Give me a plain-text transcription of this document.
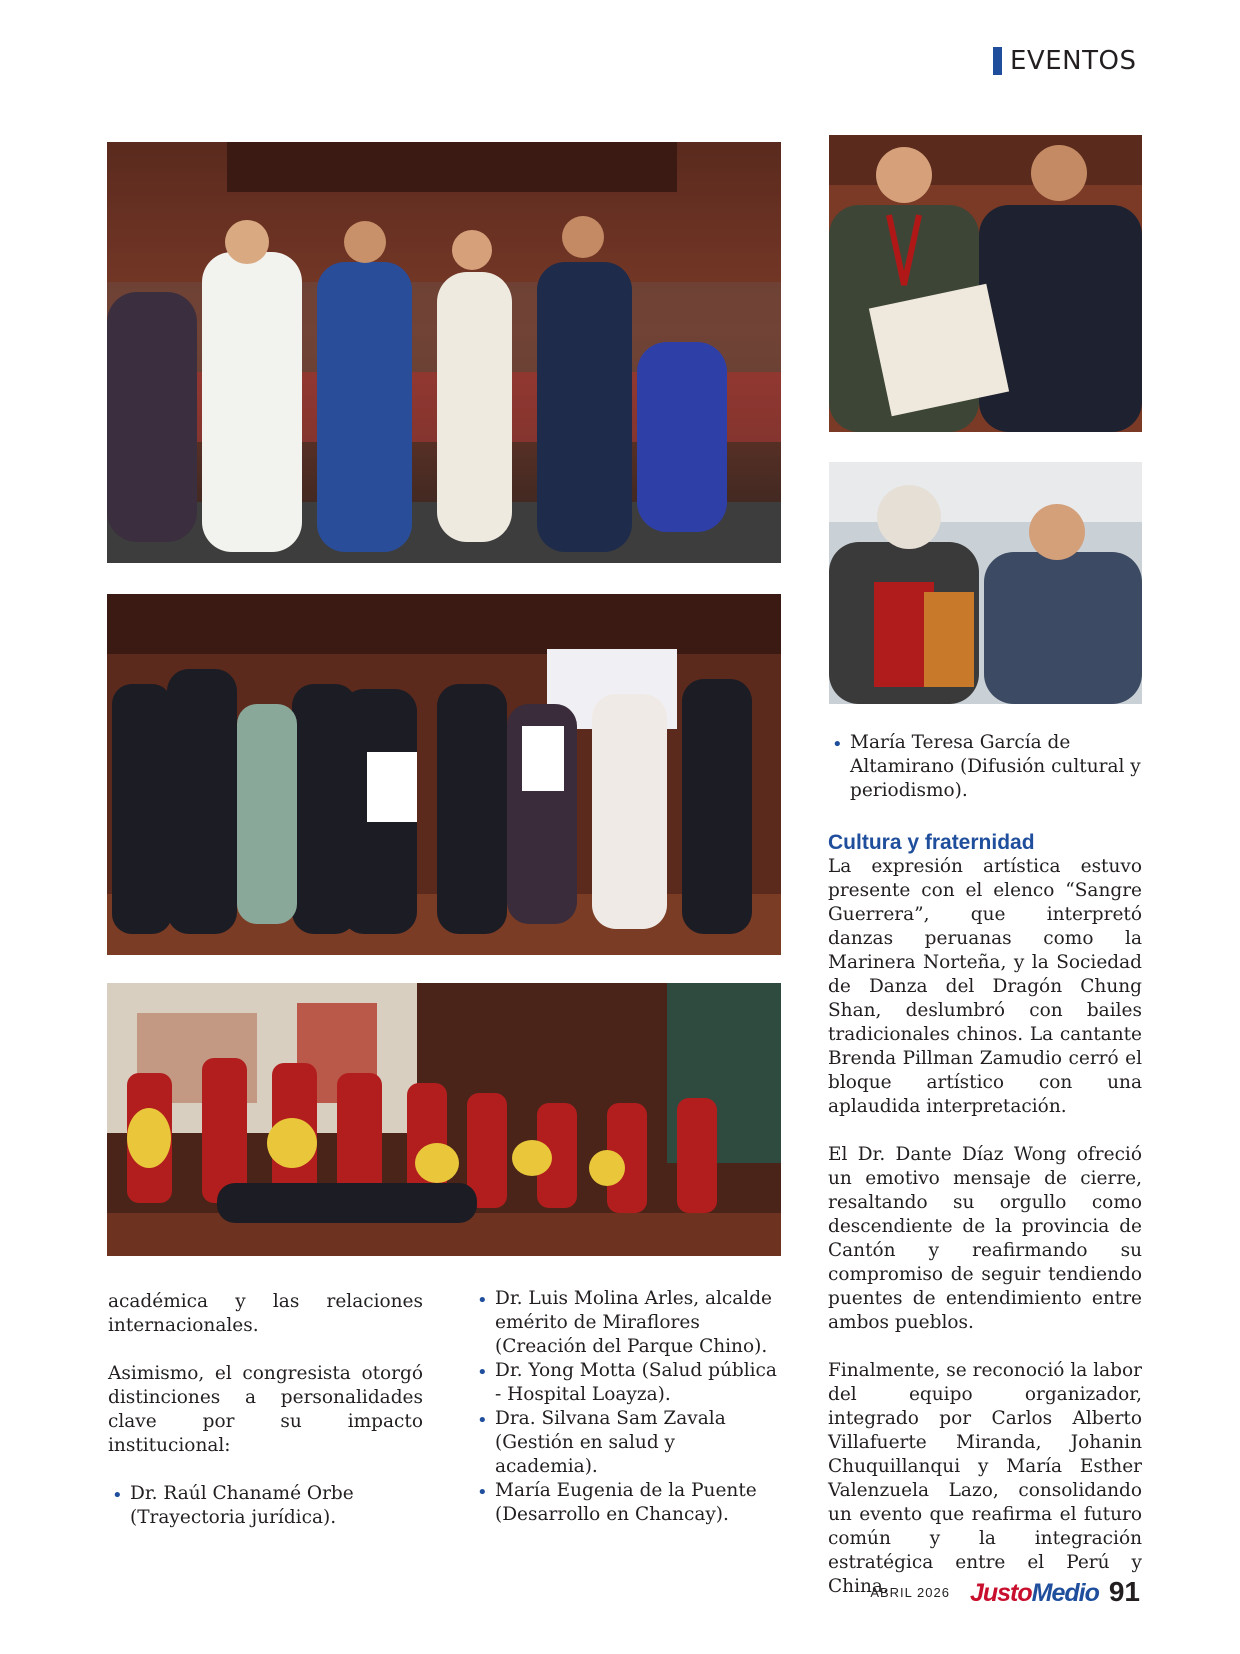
EVENTOS

académica y las relaciones internacionales.

Asimismo, el congresista otorgó distinciones a personalidades clave por su impacto institucional:

• Dr. Raúl Chanamé Orbe (Trayectoria jurídica).
• Dr. Luis Molina Arles, alcalde emérito de Miraflores (Creación del Parque Chino).
• Dr. Yong Motta (Salud pública - Hospital Loayza).
• Dra. Silvana Sam Zavala (Gestión en salud y academia).
• María Eugenia de la Puente (Desarrollo en Chancay).
• María Teresa García de Altamirano (Difusión cultural y periodismo).
Cultura y fraternidad

La expresión artística estuvo presente con el elenco “Sangre Guerrera”, que interpretó danzas peruanas como la Marinera Norteña, y la Sociedad de Danza del Dragón Chung Shan, deslumbró con bailes tradicionales chinos. La cantante Brenda Pillman Zamudio cerró el bloque artístico con una aplaudida interpretación.

El Dr. Dante Díaz Wong ofreció un emotivo mensaje de cierre, resaltando su orgullo como descendiente de la provincia de Cantón y reafirmando su compromiso de seguir tendiendo puentes de entendimiento entre ambos pueblos.

Finalmente, se reconoció la labor del equipo organizador, integrado por Carlos Alberto Villafuerte Miranda, Johanin Chuquillanqui y María Esther Valenzuela Lazo, consolidando un evento que reafirma el futuro común y la integración estratégica entre el Perú y China.

ABRIL 2026 JustoMedio 91
